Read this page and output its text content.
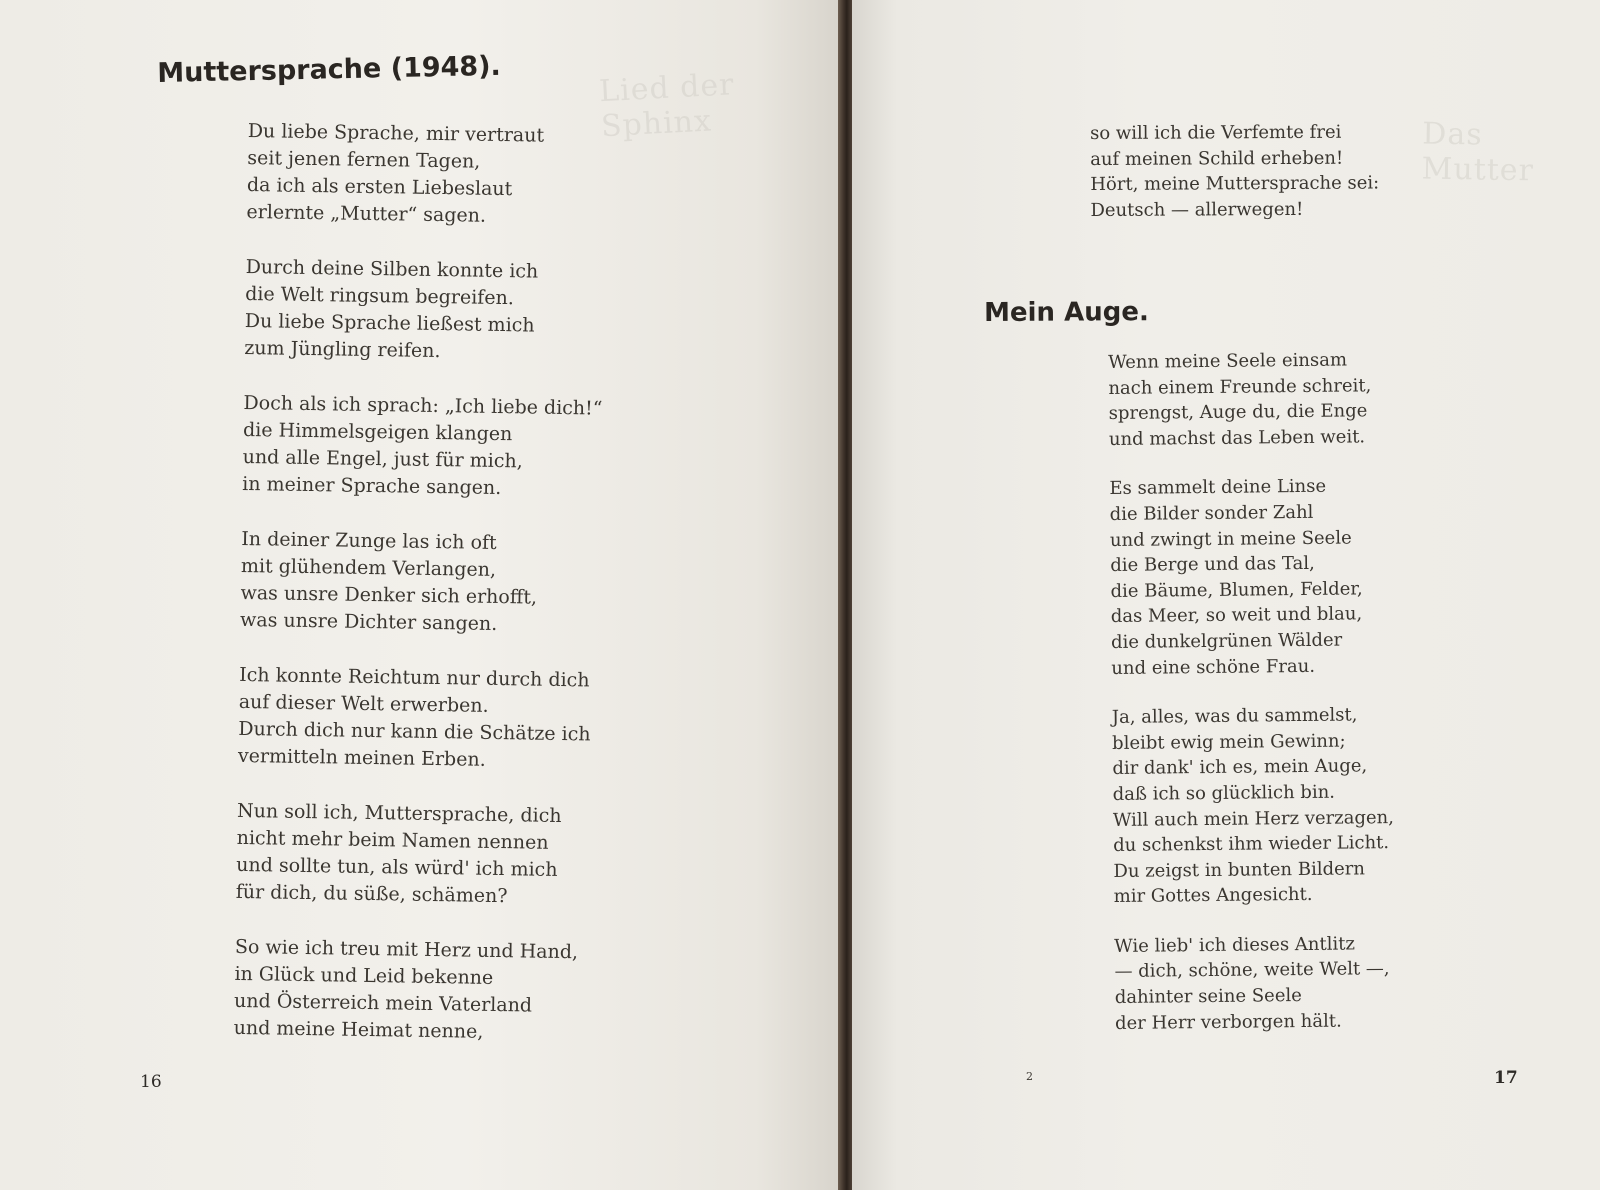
Lied der Sphinx	Das Mutter
Muttersprache (1948).

Du liebe Sprache, mir vertraut
seit jenen fernen Tagen,
da ich als ersten Liebeslaut
erlernte „Mutter“ sagen.

Durch deine Silben konnte ich
die Welt ringsum begreifen.
Du liebe Sprache ließest mich
zum Jüngling reifen.

Doch als ich sprach: „Ich liebe dich!“
die Himmelsgeigen klangen
und alle Engel, just für mich,
in meiner Sprache sangen.

In deiner Zunge las ich oft
mit glühendem Verlangen,
was unsre Denker sich erhofft,
was unsre Dichter sangen.

Ich konnte Reichtum nur durch dich
auf dieser Welt erwerben.
Durch dich nur kann die Schätze ich
vermitteln meinen Erben.

Nun soll ich, Muttersprache, dich
nicht mehr beim Namen nennen
und sollte tun, als würd' ich mich
für dich, du süße, schämen?

So wie ich treu mit Herz und Hand,
in Glück und Leid bekenne
und Österreich mein Vaterland
und meine Heimat nenne,

16

so will ich die Verfemte frei
auf meinen Schild erheben!
Hört, meine Muttersprache sei:
Deutsch — allerwegen!

Mein Auge.

Wenn meine Seele einsam
nach einem Freunde schreit,
sprengst, Auge du, die Enge
und machst das Leben weit.

Es sammelt deine Linse
die Bilder sonder Zahl
und zwingt in meine Seele
die Berge und das Tal,
die Bäume, Blumen, Felder,
das Meer, so weit und blau,
die dunkelgrünen Wälder
und eine schöne Frau.

Ja, alles, was du sammelst,
bleibt ewig mein Gewinn;
dir dank' ich es, mein Auge,
daß ich so glücklich bin.
Will auch mein Herz verzagen,
du schenkst ihm wieder Licht.
Du zeigst in bunten Bildern
mir Gottes Angesicht.

Wie lieb' ich dieses Antlitz
— dich, schöne, weite Welt —,
dahinter seine Seele
der Herr verborgen hält.

2	17
